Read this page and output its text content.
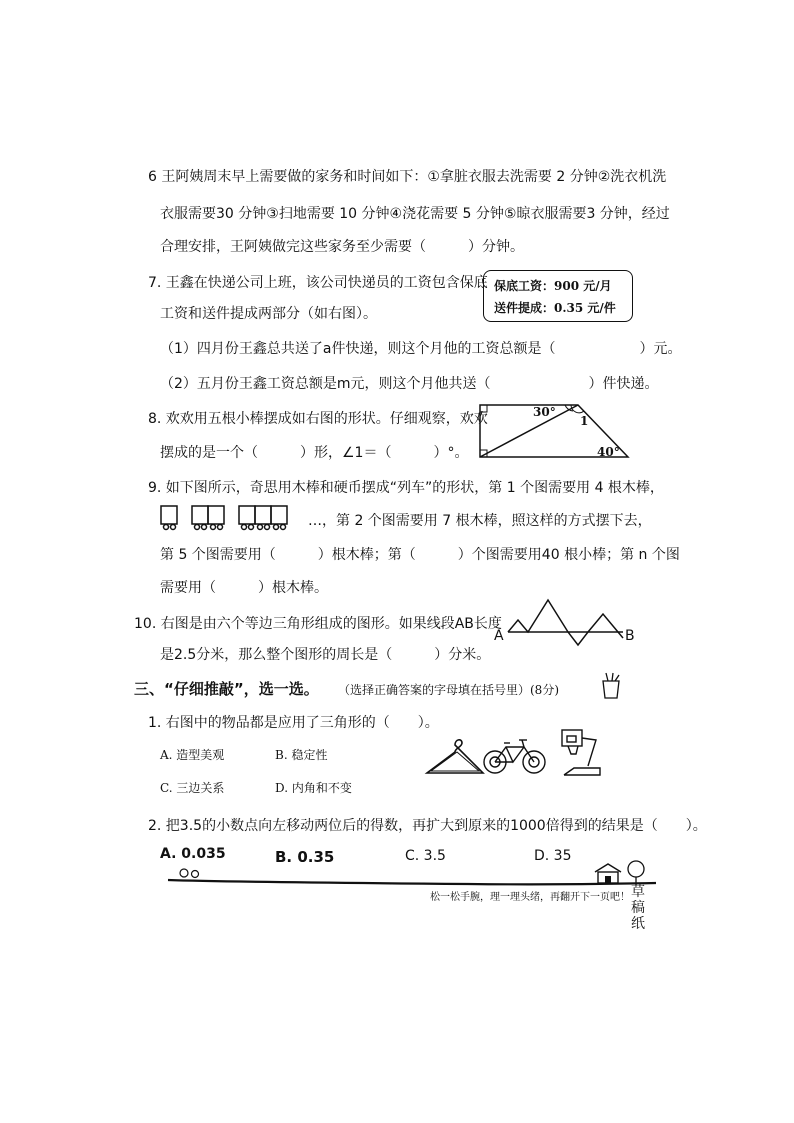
6 王阿姨周末早上需要做的家务和时间如下：①拿脏衣服去洗需要 2 分钟②洗衣机洗
衣服需要30 分钟③扫地需要 10 分钟④浇花需要 5 分钟⑤晾衣服需要3 分钟，经过
合理安排，王阿姨做完这些家务至少需要（　　　）分钟。
7. 王鑫在快递公司上班，该公司快递员的工资包含保底
工资和送件提成两部分（如右图）。
保底工资：900 元/月
送件提成：0.35 元/件
（1）四月份王鑫总共送了a件快递，则这个月他的工资总额是（　　　　　　）元。
（2）五月份王鑫工资总额是m元，则这个月他共送（　　　　　　　）件快递。
8. 欢欢用五根小棒摆成如右图的形状。仔细观察，欢欢
摆成的是一个（　　　）形，∠1＝（　　　）°。
30°
1
40°
9. 如下图所示，奇思用木棒和硬币摆成“列车”的形状，第 1 个图需要用 4 根木棒，
…，第 2 个图需要用 7 根木棒，照这样的方式摆下去，
第 5 个图需要用（　　　）根木棒；第（　　　）个图需要用40 根小棒；第 n 个图
需要用（　　　）根木棒。
10. 右图是由六个等边三角形组成的图形。如果线段AB长度
是2.5分米，那么整个图形的周长是（　　　）分米。
A	B
三、“仔细推敲”，选一选。 （选择正确答案的字母填在括号里）(8分)
1. 右图中的物品都是应用了三角形的（　　）。
A. 造型美观	B. 稳定性
C. 三边关系	D. 内角和不变
2. 把3.5的小数点向左移动两位后的得数，再扩大到原来的1000倍得到的结果是（　　）。
A. 0.035	B. 0.35	C. 3.5	D. 35
松一松手腕，理一理头绪，再翻开下一页吧！ 草
稿
纸
